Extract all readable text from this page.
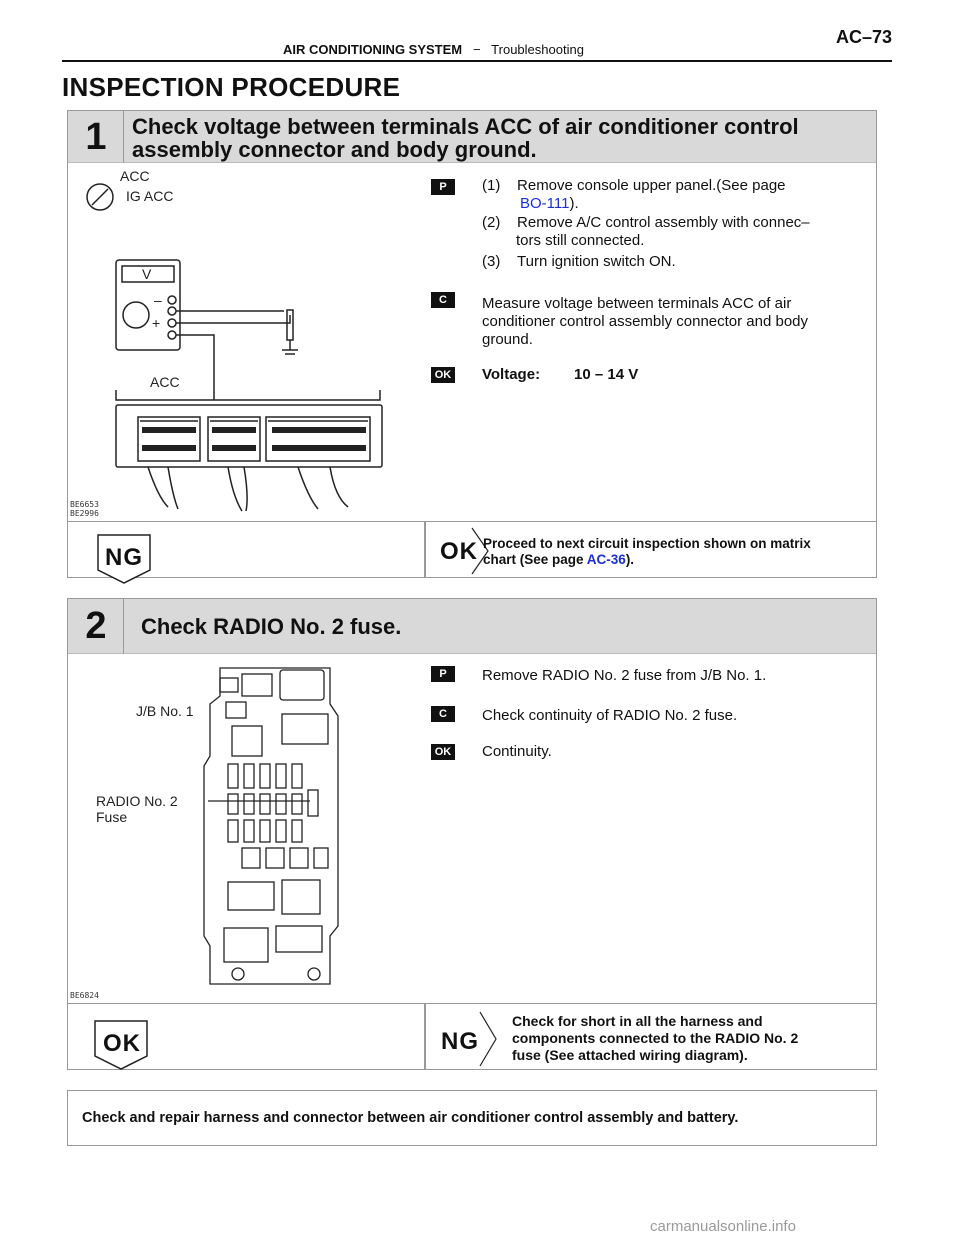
AIR CONDITIONING SYSTEM − Troubleshooting
AC–73
INSPECTION PROCEDURE
1	Check voltage between terminals ACC of air conditioner control
assembly connector and body ground.
ACC
IG ACC
V
–
+
ACC
BE6653
BE2996
P	(1) Remove console upper panel.(See page
BO-111).
(2) Remove A/C control assembly with connec–
tors still connected.
(3) Turn ignition switch ON.
C	Measure voltage between terminals ACC of air
conditioner control assembly connector and body
ground.
OK Voltage: 10 – 14 V
NG	OK Proceed to next circuit inspection shown on matrix
chart (See page AC-36).
2	Check RADIO No. 2 fuse.
J/B No. 1
RADIO No. 2
Fuse
BE6824
P	Remove RADIO No. 2 fuse from J/B No. 1.
C	Check continuity of RADIO No. 2 fuse.
OK Continuity.
OK	NG
Check for short in all the harness and
components connected to the RADIO No. 2
fuse (See attached wiring diagram).
Check and repair harness and connector between air conditioner control assembly and battery.
carmanualsonline.info
